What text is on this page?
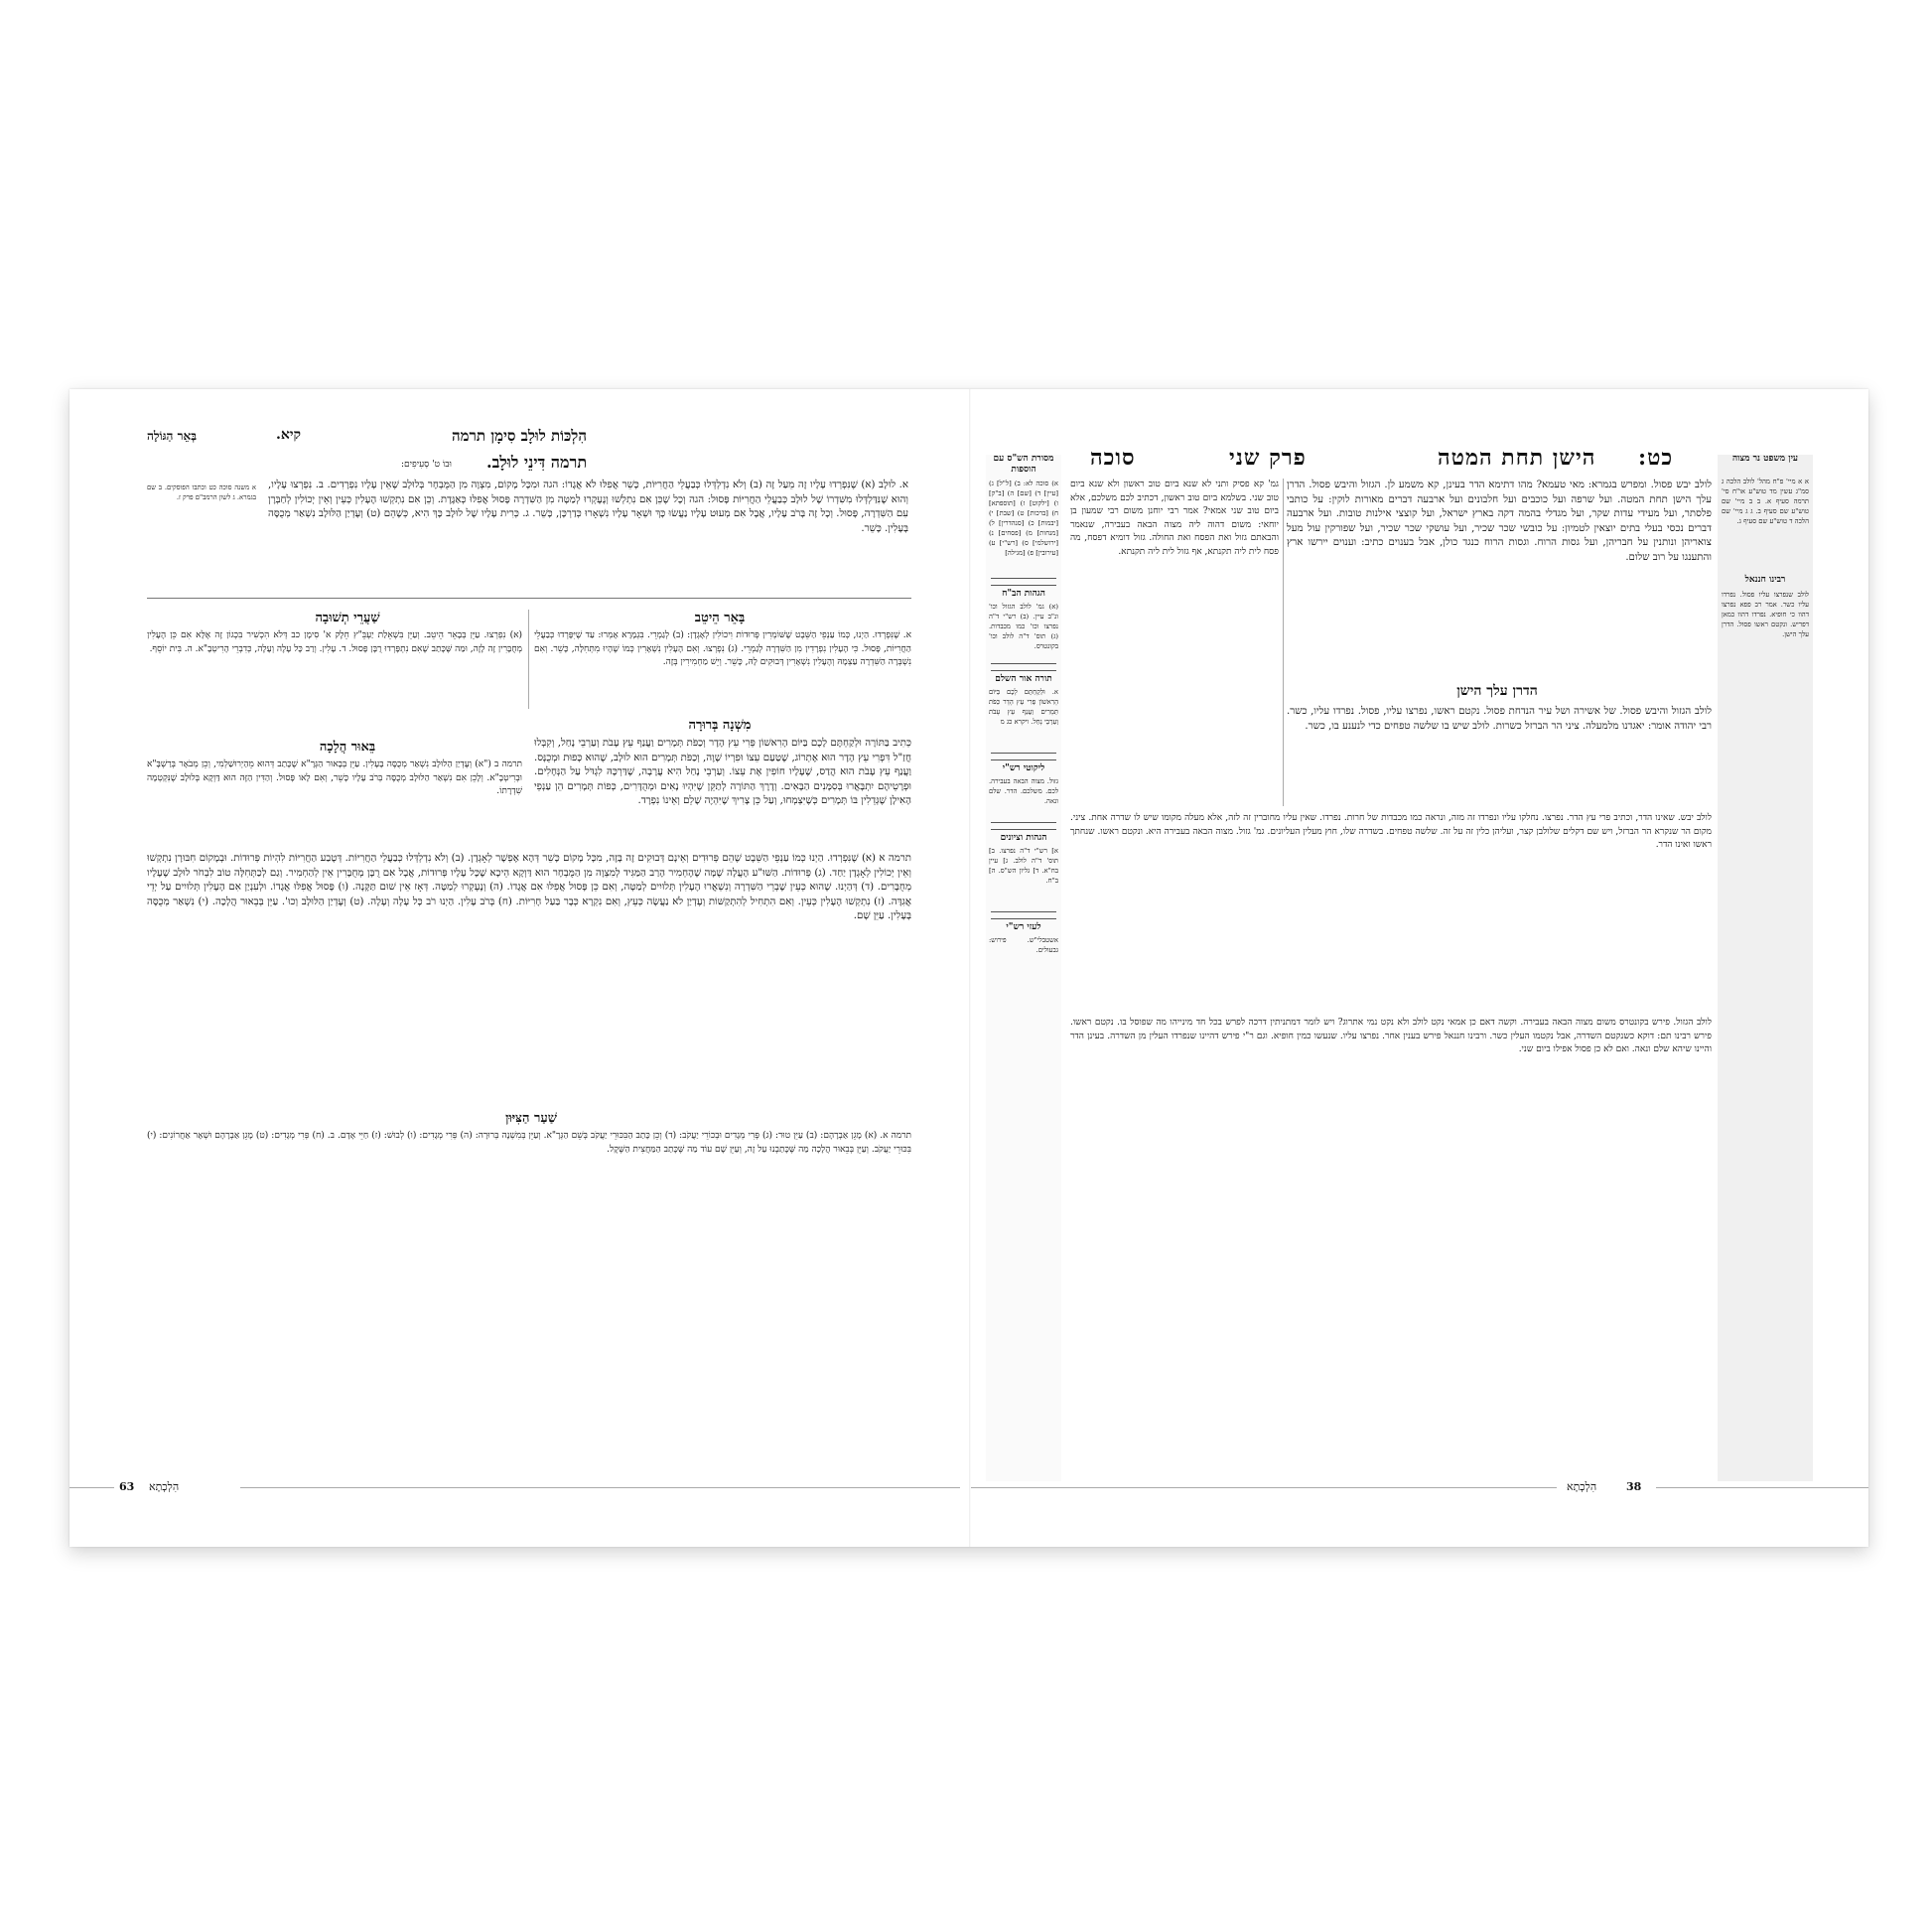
הִלְכּוֹת לוּלָב סִימָן תרמה
קיא.
בְּאֵר הַגּוֹלָה
תרמה דִּינֵי לוּלָב.
וּבוֹ ט' סְעִיפִים:
א. לוּלָב (א) שֶׁנִּפְרְדוּ עָלָיו זֶה מֵעַל זֶה (ב) וְלֹא נִדְלְדְּלוּ כְּבַעֲלֵי הַחֲרִיּוֹת, כָּשֵׁר אֲפִלּוּ לֹא אֲגָדוֹ: הגה וּמִכָּל מָקוֹם, מִצְוָה מִן הַמֻּבְחָר בְּלוּלָב שֶׁאֵין עָלָיו נִפְרָדִים. ב. נִפְרְצוּ עָלָיו, וְהוּא שֶׁנִּדַּלְדְּלוּ מִשִּׁדְרוֹ שֶׁל לוּלָב כְּבַעֲלֵי הַחֲרִיּוֹת פָּסוּל: הגה וְכָל שֶׁכֵּן אִם נִתְלְשׁוּ וְנֶעֶקְרוּ לְמַטָּה מִן הַשִּׁדְרָה פָּסוּל אֲפִלּוּ כְּאַגֶּדֶת. וְכֵן אִם נִתְקְשׁוּ הֶעָלִין כְּעֵין וְאֵין יְכוֹלִין לְחַבְּרָן עִם הַשִּׁדְרָה, פָּסוּל. וְכָל זֶה בָּרֹב עָלָיו, אֲבָל אִם מְעוּט עָלָיו נַעֲשׂוּ כָּךְ וּשְׁאָר עָלָיו נִשְׁאָרוּ כְּדַרְכָּן, כָּשֵׁר. ג. כְּרִית עָלָיו שֶׁל לוּלָב כָּךְ הִיא, כְּשֶׁהֵם (ט) וְעֶדְיַן הַלּוּלָב נִשְׁאַר מְכֻסֶּה בָּעָלִין. כָּשֵׁר.
א משנה סוכה כט וכתבו הפוסקים. ב שם בגמרא. ג לשון הרמב"ם פרק ז.
בָּאֵר הֵיטֵב
א. שֶׁנִּפְרְדוּ. הַיְנוּ, כְּמוֹ עַנְפֵי הַשֵּׁבֶט שֶׁשּׁוֹמְרִין פְּרוּדוֹת וִיכוֹלִין לְאָגְדָן: (ב) לְגַמְרֵי. בִּגְמָרָא אָמְרוּ: עַד שֶׁיִּפָּרְדוּ כְּבַעֲלֵי הַחֲרִיּוֹת, פָּסוּל. כִּי הָעָלִין נִפְרָדִין מִן הַשִּׁדְרָה לְגַמְרֵי. (ג) נִפְרְצוּ. וְאִם הָעָלִין נִשְׁאָרִין כְּמוֹ שֶׁהָיוּ מִתְּחִלָּה, כָּשֵׁר. וְאִם נִשְׁבְּרָה הַשִּׁדְרָה עַצְמָהּ וְהֶעָלִין נִשְׁאָרִין דְּבוּקִים לָהּ, כָּשֵׁר. וְיֵשׁ מַחְמִירִין בְּזֶה.
שַׁעֲרֵי תְשׁוּבָה
(א) נִפְרְצוּ. עַיֵּן בְּבָאֵר הֵיטֵב. וְעַיֵּן בִּשְׁאֵלַת יַעְבֵּ"ץ חֵלֶק א' סִימָן כב דְּלֹא הִכְשִׁיר בִּכְגוֹן זֶה אֶלָּא אִם כֵּן הֶעָלִין מְחֻבָּרִין זֶה לָזֶה, וּמַה שֶּׁכָּתַב שֶׁאִם נִתְפָּרְדוּ רֻבָּן פָּסוּל. ד. עָלִין. וְרַב כָּל עָלֶה וְעָלֶה, כְּדִבְרֵי הָרִיטְבָ"א. ה. בִּית יוֹסֵף.
מִשְׁנָה בְּרוּרָה
כְּתִיב בַּתּוֹרָה וּלְקַחְתֶּם לָכֶם בַּיּוֹם הָרִאשׁוֹן פְּרִי עֵץ הָדָר וְכַפֹּת תְּמָרִים וַעֲנַף עֵץ עָבֹת וְעַרְבֵי נָחַל, וְקִבְּלוּ חֲזַ"ל דִּפְרִי עֵץ הָדָר הוּא אֶתְרוֹג, שֶׁטַּעַם עֵצוֹ וּפִרְיוֹ שָׁוֶה, וְכַפֹּת תְּמָרִים הוּא לוּלָב, שֶׁהוּא כָּפוּת וּמְכֻנָּס. וַעֲנַף עֵץ עָבֹת הוּא הֲדַס, שֶׁעָלָיו חוֹפִין אֶת עֵצוֹ. וְעַרְבֵי נָחַל הִיא עֲרָבָה, שֶׁדַּרְכָּהּ לִגְדֹּל עַל הַנְּחָלִים. וּפְרָטֵיהֶם יִתְבָּאֲרוּ בְּסִמָּנִים הַבָּאִים. וְדֶרֶךְ הַתּוֹרָה לְתַקֵּן שֶׁיִּהְיוּ נָאִים וּמְהֻדָּרִים, כְּפוֹת תְּמָרִים הֵן עַנְפֵי הָאִילָן שֶׁגְּדֵלִין בּוֹ תְּמָרִים כְּשֶׁיִּצְמְחוּ, וְעַל כֵּן צָרִיךְ שֶׁיִּהְיֶה שָׁלֵם וְאֵינוֹ נִפְרָד.
בֵּאוּר הֲלָכָה
תרמה ב ("א) וְעֶדְיַן הַלּוּלָב נִשְׁאַר מְכֻסֶּה בָּעָלִין. עַיֵּן בְּבָאוּר הַגְּרָ"א שֶׁכָּתַב דְּהוּא מֵהַיְרוּשַׁלְמִי, וְכֵן מְבֹאָר בְּרַשְׁבָּ"א וּבְרִיטְבָ"א. וְלָכֵן אִם נִשְׁאַר הַלּוּלָב מְכֻסֶּה בְּרֹב עָלָיו כָּשֵׁר, וְאִם לָאו פָּסוּל. וְהַדִּין הַזֶּה הוּא דַּוְקָא בְּלוּלָב שֶׁנִּקְטְמָה שִׁדְרָתוֹ.
תרמה א (א) שֶׁנִּפְרְדוּ. הַיְנוּ כְּמוֹ עַנְפֵי הַשֵּׁבֶט שֶׁהֵם פְּרוּדִים וְאֵינָם דְּבוּקִים זֶה בָּזֶה, מִכָּל מָקוֹם כָּשֵׁר דְּהָא אֶפְשָׁר לְאָגְדָן. (ב) וְלֹא נִדְלְדְּלוּ כְּבַעֲלֵי הַחֲרִיּוֹת. דְּטֶבַע הַחֲרִיּוֹת לִהְיוֹת פְּרוּדוֹת. וּבְמָקוֹם חִבּוּרָן נִתְקְשׁוּ וְאֵין יְכוֹלִין לְאָגְדָן יַחַד. (ג) פְּרוּדוֹת. הַשּׁוּ"ע הָעֲלָה שֶׁמָּה שֶׁהֶחְמִיר הָרַב הַמַּגִּיד לְמִצְוָה מִן הַמֻּבְחָר הוּא דַּוְקָא הֵיכָא שֶׁכָּל עָלָיו פְּרוּדוֹת, אֲבָל אִם רֻבָּן מְחֻבָּרִין אֵין לְהַחְמִיר. וְגַם לְכַתְּחִלָּה טוֹב לִבְחֹר לוּלָב שֶׁעָלָיו מְחֻבָּרִים. (ד) דְּהַיְנוּ. שֶׁהוּא כְּעֵין שֶׁבְרֵי הַשִּׁדְרָה וְנִשְׁאֲרוּ הֶעָלִין תְּלוּיִים לְמַטָּה, וְאִם כֵּן פָּסוּל אֲפִלּוּ אִם אֲגָדוֹ. (ה) וְנֶעֶקְרוּ לְמַטָּה. דְּאָז אֵין שׁוּם תַּקָּנָה. (ו) פָּסוּל אֲפִלּוּ אֲגָדוֹ. וּלְעִנְיַן אִם הָעָלִין תְּלוּיִים עַל יְדֵי אֲגִדָּה. (ז) נִתְקְשׁוּ הֶעָלִין כְּעֵין. וְאִם הִתְחִיל לְהִתְקַשּׁוֹת וְעֶדְיַן לֹא נַעֲשָׂה כְּעֵץ, וְאִם נִקְרָא כְּבָר בַּעַל חָרִיּוֹת. (ח) בְּרֹב עָלִין. הַיְנוּ רֹב כָּל עָלֶה וְעָלֶה. (ט) וְעֶדְיַן הַלּוּלָב וְכוּ'. עַיֵּן בְּבֵאוּר הֲלָכָה. (י) נִשְׁאַר מְכֻסֶּה בָּעָלִין. עַיֵּן שָׁם.
שַׁעַר הַצִּיּוּן
תרמה א. (א) מָגֵן אַבְרָהָם: (ב) עַיֵּן טוּר: (ג) פְּרִי מְגָדִים וּבְכוֹרֵי יַעֲקֹב: (ד) וְכֵן כָּתַב הַבִּכּוּרֵי יַעֲקֹב בְּשֵׁם הַגְּרָ"א. וְעַיֵּן בְּמִשְׁנָה בְּרוּרָה: (ה) פְּרִי מְגָדִים: (ו) לְבוּשׁ: (ז) חַיֵּי אָדָם. ב. (ח) פְּרִי מְגָדִים: (ט) מָגֵן אַבְרָהָם וּשְׁאָר אַחֲרוֹנִים: (י) בִּכּוּרֵי יַעֲקֹב. וְעַיֵּן בְּבֵאוּר הֲלָכָה מַה שֶּׁכָּתַבְנוּ עַל זֶה, וְעַיֵּן שָׁם עוֹד מַה שֶּׁכָּתַב הַמַּחֲצִית הַשֶּׁקֶל.
63 הִלְכְתָא
כט:
הישן תחת המטה
פרק שני
סוכה	עין משפט נר מצוה
א א מיי' פ"ח מהל' לולב הלכה ג סמ"ג עשין מד טוש"ע או"ח סי' תרמה סעיף א. ב ב מיי' שם טוש"ע שם סעיף ב. ג ג מיי' שם הלכה ד טוש"ע שם סעיף ג.
רבינו חננאל
לולב שנפרצו עליו פסול. נפרדו עליו כשר. אמר רב פפא נפרצו דהוו כי חופיא. נפרדו דהוו כמאן דפריש. ונקטם ראשו פסול. הדרן עלך הישן.
מסורת הש"ס עם הוספות
א) סוכה לא: ב) [ל"ל] ג) [עיין] ד) [שם] ה) [ב"ק] ו) [ילקוט] ז) [תוספתא] ח) [ברכות] ט) [שבת] י) [יבמות] כ) [סנהדרין] ל) [מנחות] מ) [פסחים] נ) [ירושלמי] ס) [רש"י] ע) [עירובין] פ) [מגילה]
הגהות הב"ח
(א) גמ' לולב הגזול וכו' ונ"ב עיין. (ב) רש"י ד"ה נפרצו וכו' כמו מכבדות. (ג) תוס' ד"ה לולב וכו' בקונטרס.
תורה אור השלם
א. וּלְקַחְתֶּם לָכֶם בַּיּוֹם הָרִאשׁוֹן פְּרִי עֵץ הָדָר כַּפֹּת תְּמָרִים וַעֲנַף עֵץ עָבֹת וְעַרְבֵי נָחַל. ויקרא כג מ
ליקוטי רש"י
גזול. מצוה הבאה בעבירה. לכם. משלכם. הדר. שלם ונאה.
הגהות וציונים
א] רש"י ד"ה נפרצו. ב] תוס' ד"ה לולב. ג] עיין בח"א. ד] גליון הש"ס. ה] ב"ח.
לעזי רש"י
אשטבלי"ש. פירוש: גבעולים.
לולב יבש פסול. ומפרש בגמרא: מאי טעמא? מהו דתימא הדר בעינן, קא משמע לן. הגזול והיבש פסול. הדרן עלך הישן תחת המטה. ועל שרפה ועל כוכבים ועל חלבונים ועל ארבעה דברים מאורות לוקין: על כותבי פלסתר, ועל מעידי עדות שקר, ועל מגדלי בהמה דקה בארץ ישראל, ועל קוצצי אילנות טובות. ועל ארבעה דברים נכסי בעלי בתים יוצאין לטמיון: על כובשי שכר שכיר, ועל עושקי שכר שכיר, ועל שפורקין עול מעל צואריהן ונותנין על חבריהן, ועל גסות הרוח. וגסות הרוח כנגד כולן, אבל בענוים כתיב: וענוים יירשו ארץ והתענגו על רוב שלום.
הדרן עלך הישן
לולב הגזול והיבש פסול. של אשירה ושל עיר הנדחת פסול. נקטם ראשו, נפרצו עליו, פסול. נפרדו עליו, כשר. רבי יהודה אומר: יאגדנו מלמעלה. ציני הר הברזל כשרות. לולב שיש בו שלשה טפחים כדי לנענע בו, כשר.
גמ' קא פסיק ותני לא שנא ביום טוב ראשון ולא שנא ביום טוב שני. בשלמא ביום טוב ראשון, דכתיב לכם משלכם, אלא ביום טוב שני אמאי? אמר רבי יוחנן משום רבי שמעון בן יוחאי: משום דהוה ליה מצוה הבאה בעבירה, שנאמר והבאתם גזול ואת הפסח ואת החולה. גזול דומיא דפסח, מה פסח לית ליה תקנתא, אף גזול לית ליה תקנתא.
לולב יבש. שאינו הדר, וכתיב פרי עץ הדר. נפרצו. נחלקו עליו ונפרדו זה מזה, ונראה כמו מכבדות של חרות. נפרדו. שאין עליו מחוברין זה לזה, אלא מעלה מקומו שיש לו שדרה אחת. ציני. מקום הר שנקרא הר הברזל, ויש שם דקלים שלולבן קצר, ועליהן כלין זה על זה. שלשה טפחים. בשדרה שלו, חוץ מעלין העליונים. גמ' גזול. מצוה הבאה בעבירה היא. ונקטם ראשו. שנחתך ראשו ואינו הדר.
לולב הגזול. פירש בקונטרס משום מצוה הבאה בעבירה. וקשה דאם כן אמאי נקט לולב ולא נקט נמי אתרוג? ויש לומר דמתניתין דרכה לפרש בכל חד מינייהו מה שפוסל בו. נקטם ראשו. פירש רבינו תם: דוקא כשנקטם השדרה, אבל נקטמו העלין כשר. ורבינו חננאל פירש בענין אחר. נפרצו עליו. שנעשו כמין חופיא. וגם ר"י פירש דהיינו שנפרדו העלין מן השדרה. בעינן הדר והיינו שיהא שלם ונאה. ואם לא כן פסול אפילו ביום שני.
הִלְכְתָא	38
